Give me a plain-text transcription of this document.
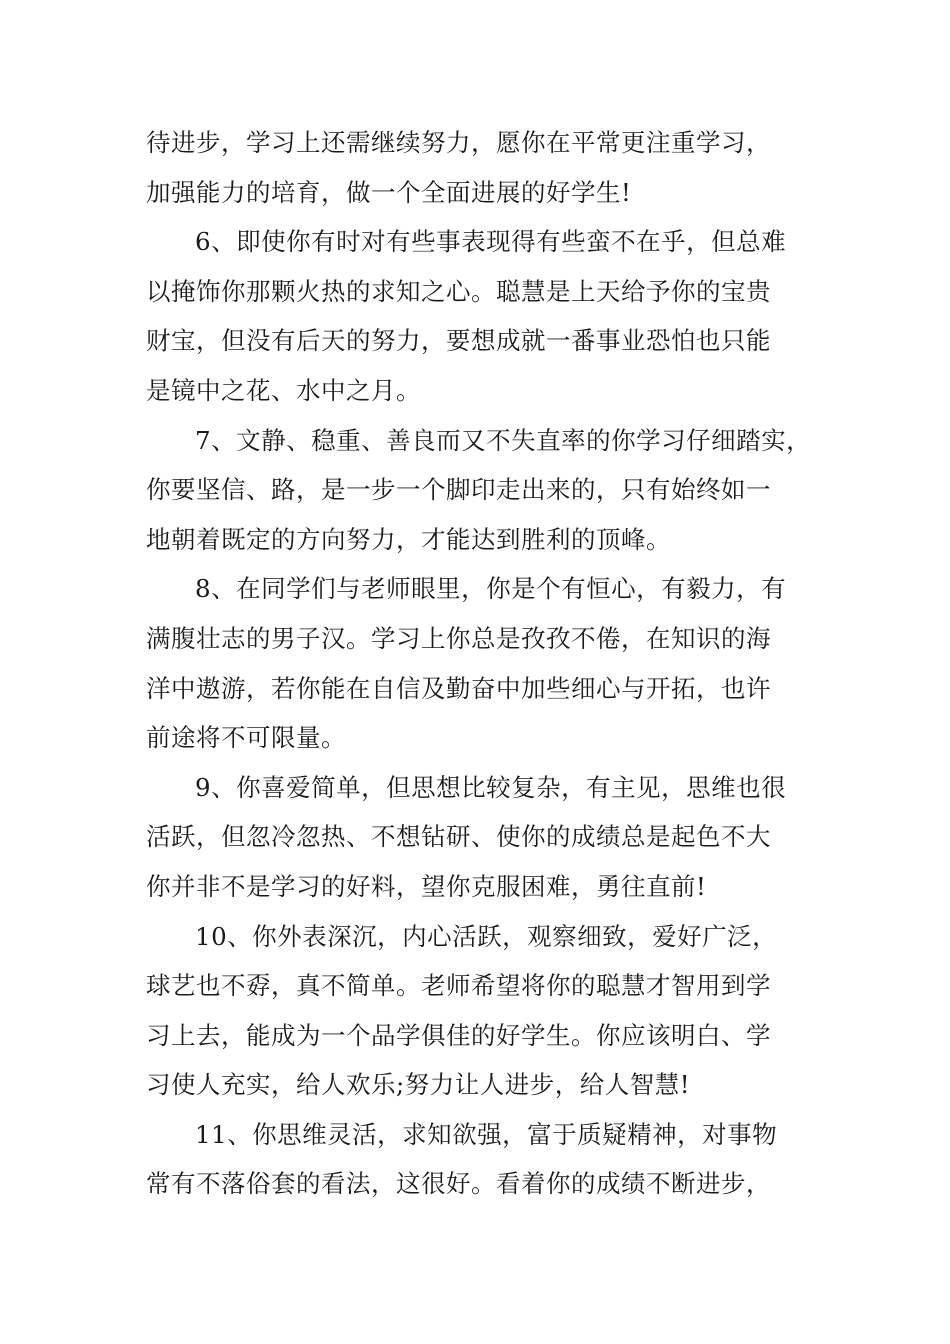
待进步，学习上还需继续努力，愿你在平常更注重学习，
加强能力的培育，做一个全面进展的好学生!
6、即使你有时对有些事表现得有些蛮不在乎，但总难
以掩饰你那颗火热的求知之心。聪慧是上天给予你的宝贵
财宝，但没有后天的努力，要想成就一番事业恐怕也只能
是镜中之花、水中之月。
7、文静、稳重、善良而又不失直率的你学习仔细踏实，
你要坚信、路，是一步一个脚印走出来的，只有始终如一
地朝着既定的方向努力，才能达到胜利的顶峰。
8、在同学们与老师眼里，你是个有恒心，有毅力，有
满腹壮志的男子汉。学习上你总是孜孜不倦，在知识的海
洋中遨游，若你能在自信及勤奋中加些细心与开拓，也许
前途将不可限量。
9、你喜爱简单，但思想比较复杂，有主见，思维也很
活跃，但忽冷忽热、不想钻研、使你的成绩总是起色不大
你并非不是学习的好料，望你克服困难，勇往直前!
10、你外表深沉，内心活跃，观察细致，爱好广泛，
球艺也不孬，真不简单。老师希望将你的聪慧才智用到学
习上去，能成为一个品学俱佳的好学生。你应该明白、学
习使人充实，给人欢乐;努力让人进步，给人智慧!
11、你思维灵活，求知欲强，富于质疑精神，对事物
常有不落俗套的看法，这很好。看着你的成绩不断进步，
